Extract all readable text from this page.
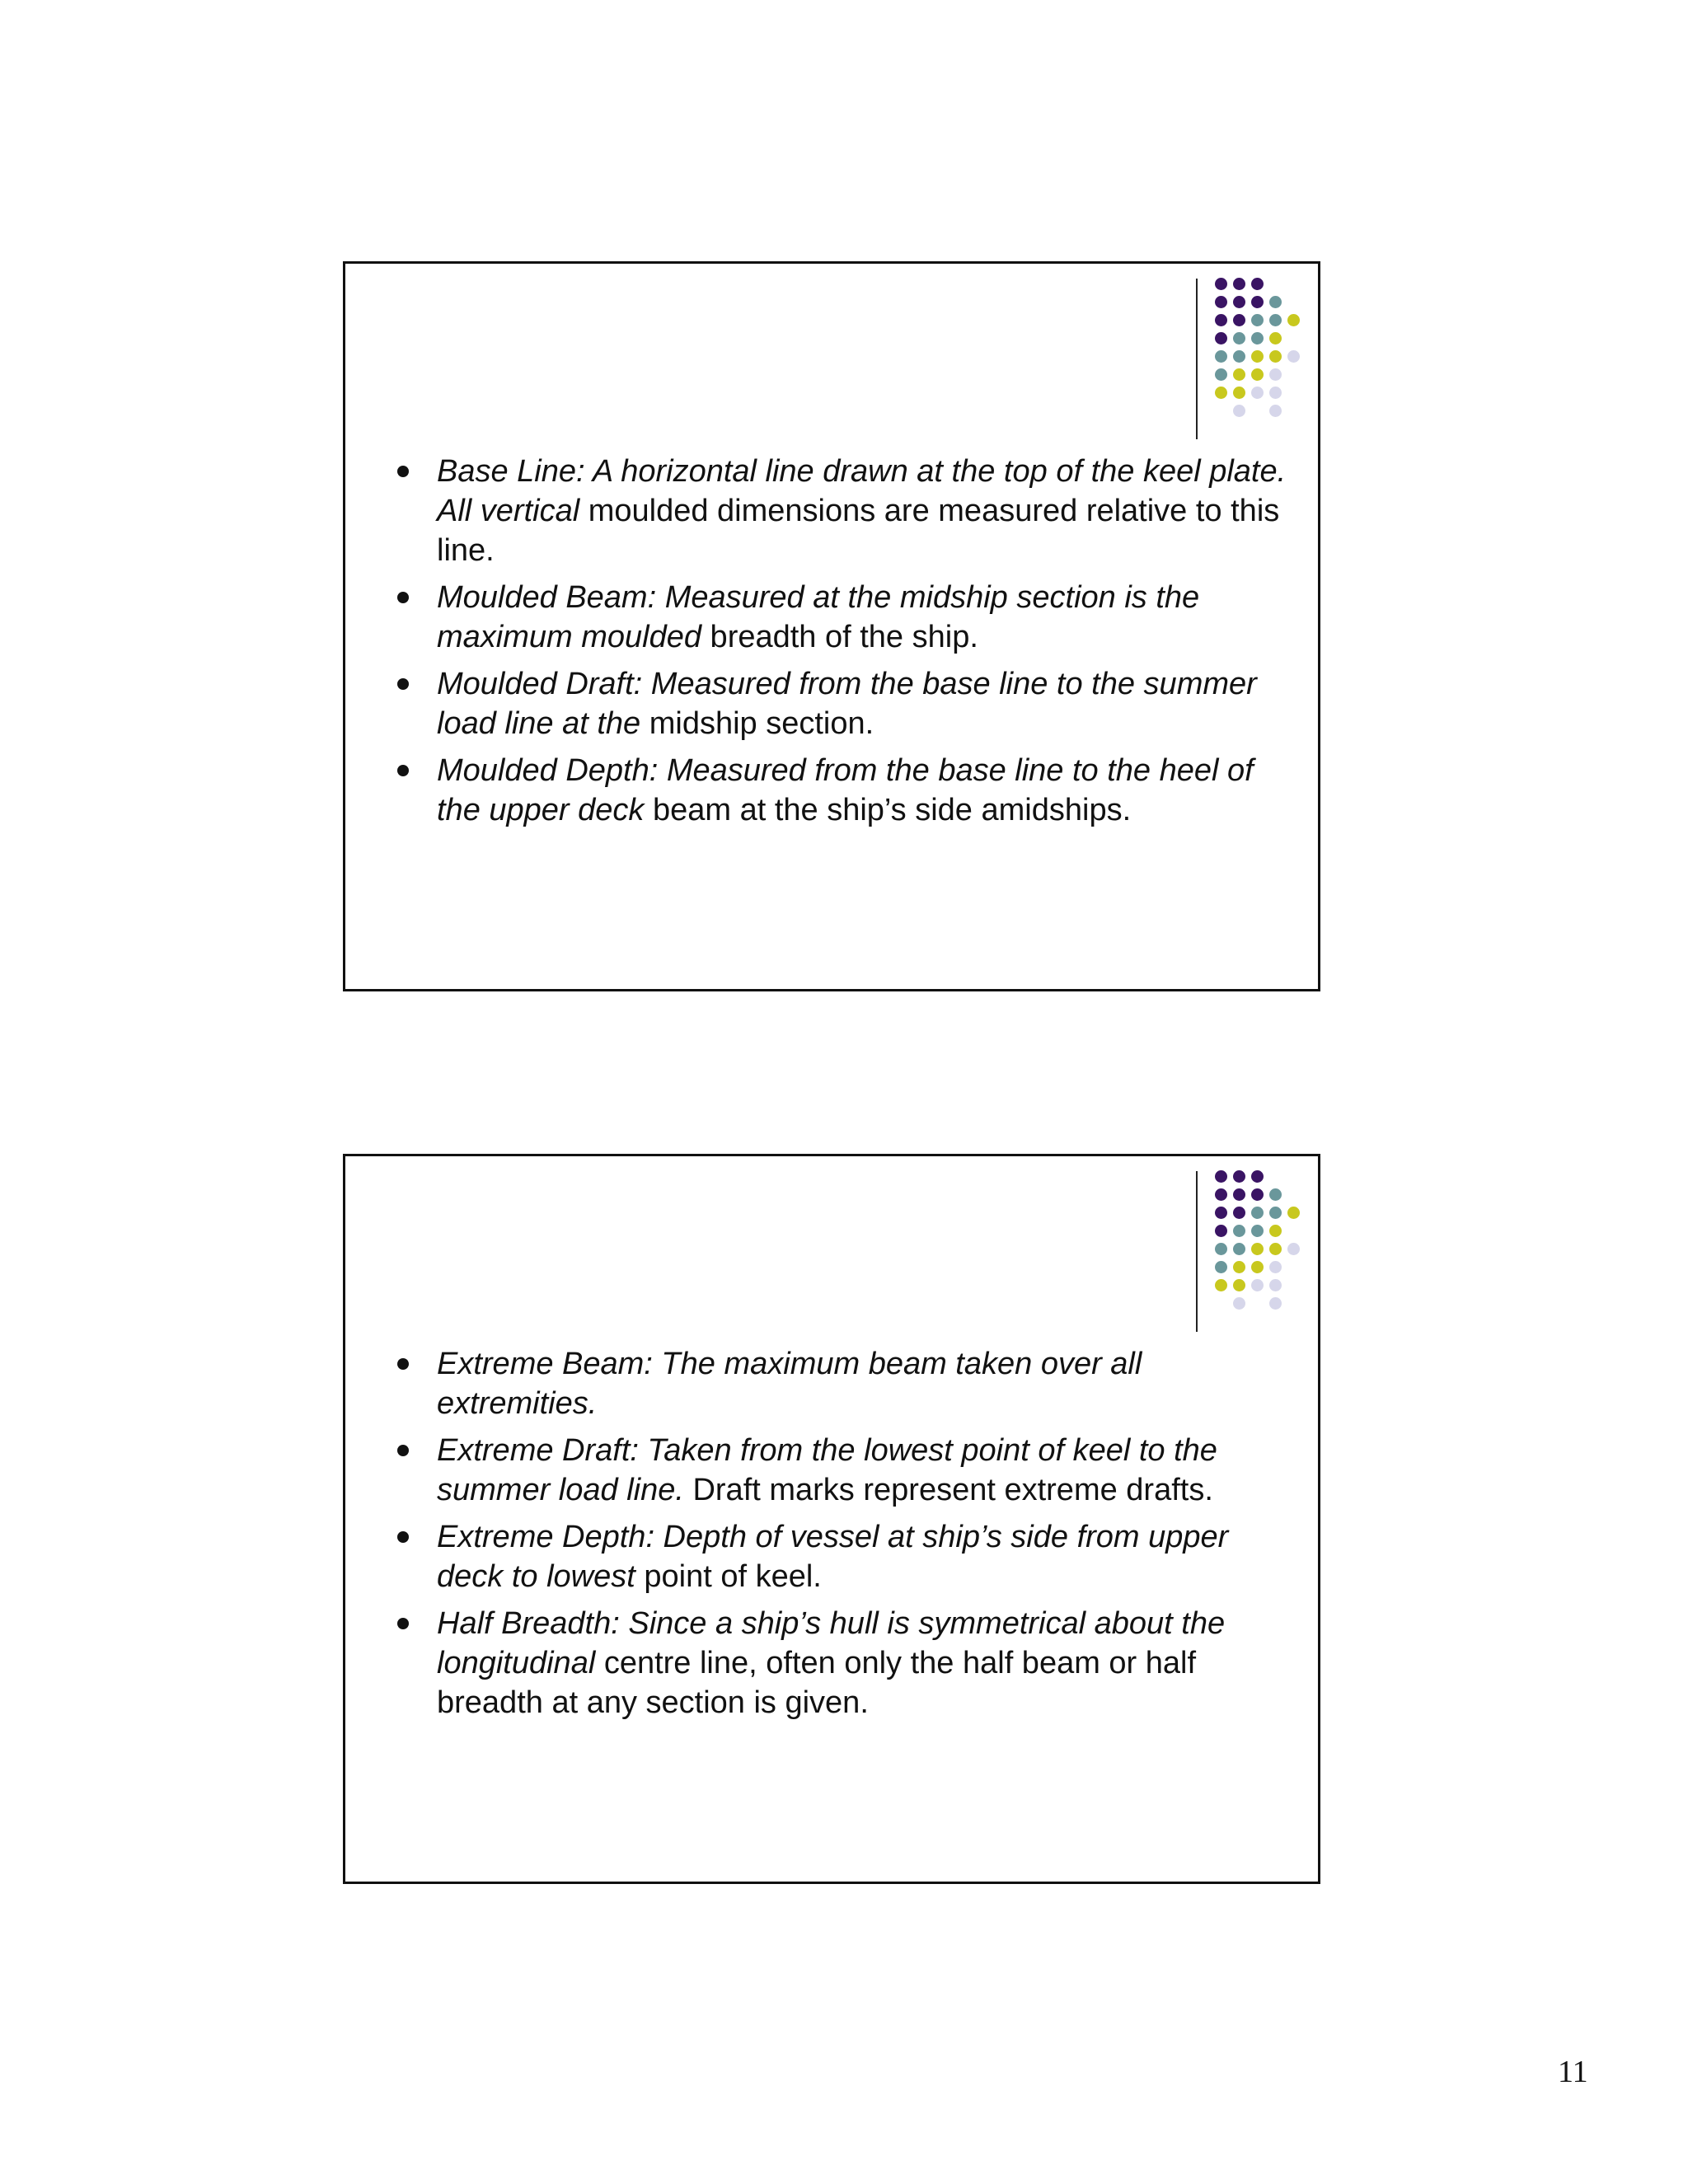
Base Line: A horizontal line drawn at the top of the keel plate. All vertical moulded dimensions are measured relative to this line.
Moulded Beam: Measured at the midship section is the maximum moulded breadth of the ship.
Moulded Draft: Measured from the base line to the summer load line at the midship section.
Moulded Depth: Measured from the base line to the heel of the upper deck beam at the ship’s side amidships.
Extreme Beam: The maximum beam taken over all extremities.
Extreme Draft: Taken from the lowest point of keel to the summer load line. Draft marks represent extreme drafts.
Extreme Depth: Depth of vessel at ship’s side from upper deck to lowest point of keel.
Half Breadth: Since a ship’s hull is symmetrical about the longitudinal centre line, often only the half beam or half breadth at any section is given.
11
